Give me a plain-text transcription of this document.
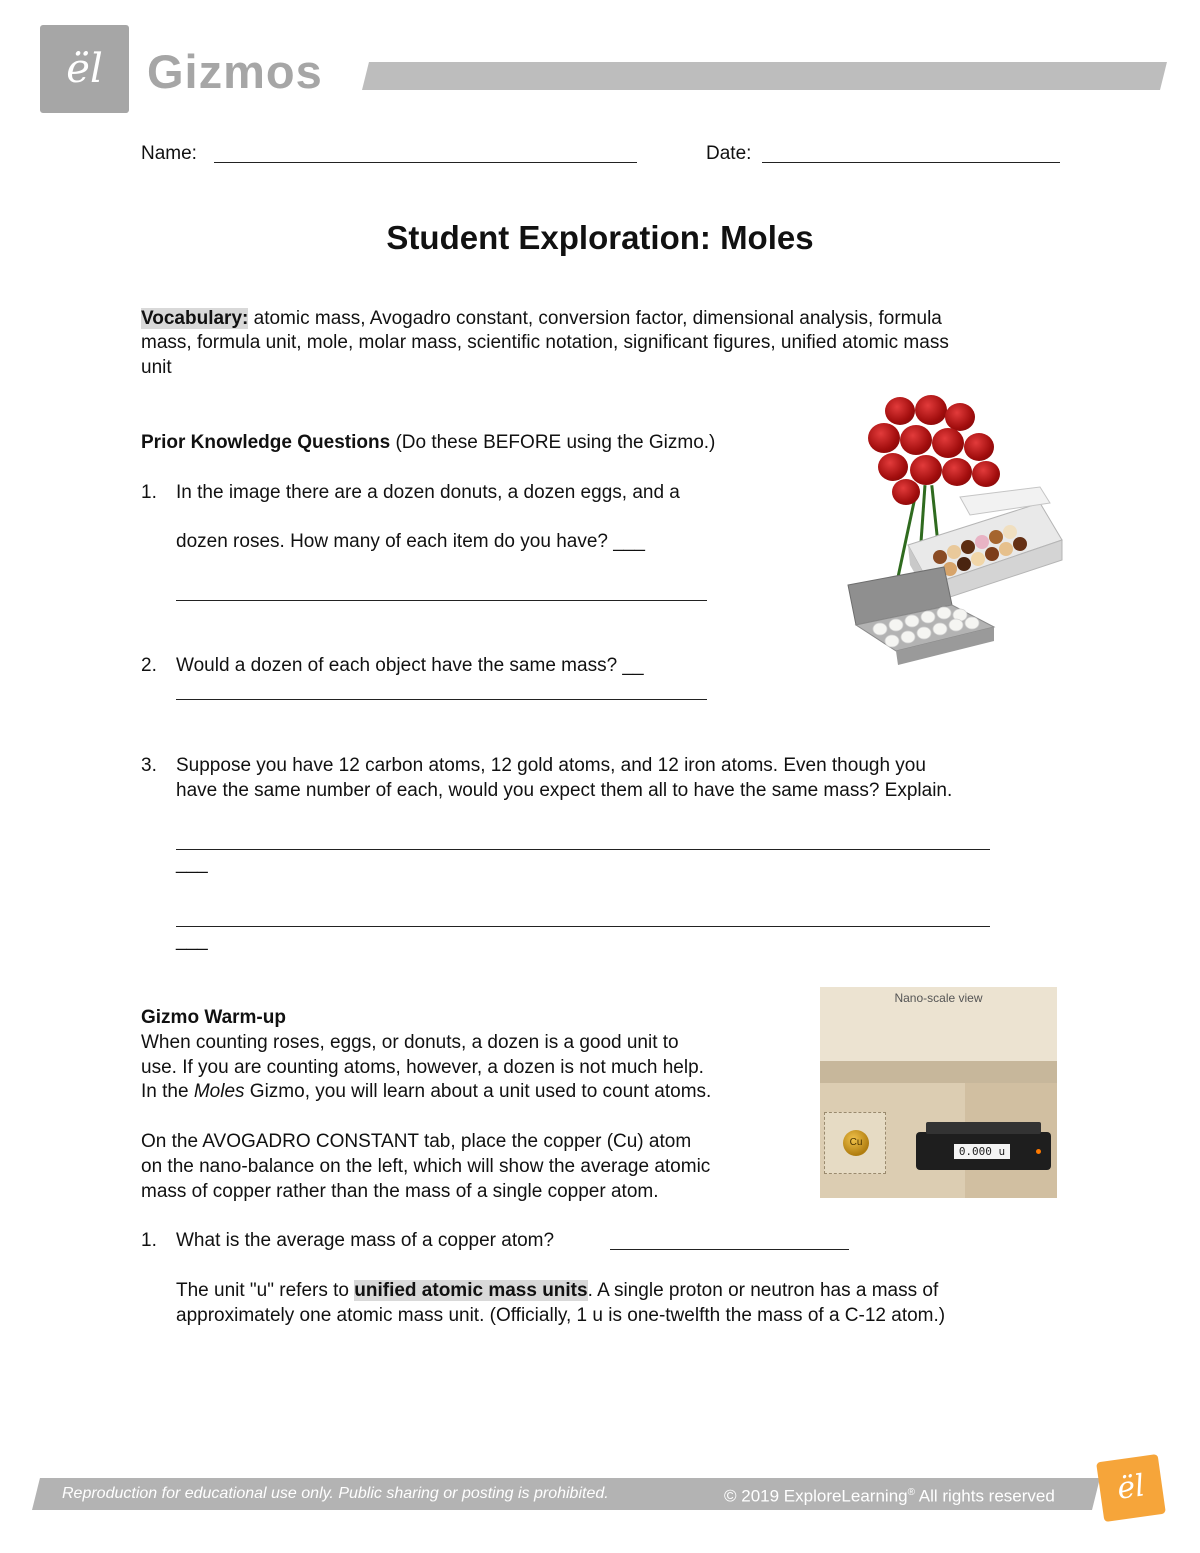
ël Gizmos
Name:	Date:
Student Exploration: Moles
Vocabulary: atomic mass, Avogadro constant, conversion factor, dimensional analysis, formula
mass, formula unit, mole, molar mass, scientific notation, significant figures, unified atomic mass
unit
Prior Knowledge Questions (Do these BEFORE using the Gizmo.)
1.	In the image there are a dozen donuts, a dozen eggs, and a
dozen roses. How many of each item do you have? ___
2.	Would a dozen of each object have the same mass? __
3.	Suppose you have 12 carbon atoms, 12 gold atoms, and 12 iron atoms. Even though you
have the same number of each, would you expect them all to have the same mass? Explain.
___
___
Gizmo Warm-up
When counting roses, eggs, or donuts, a dozen is a good unit to
use. If you are counting atoms, however, a dozen is not much help.
In the Moles Gizmo, you will learn about a unit used to count atoms.
On the AVOGADRO CONSTANT tab, place the copper (Cu) atom
on the nano-balance on the left, which will show the average atomic
mass of copper rather than the mass of a single copper atom.
Nano-scale view
Cu
0.000 u
1.	What is the average mass of a copper atom?
The unit "u" refers to unified atomic mass units. A single proton or neutron has a mass of
approximately one atomic mass unit. (Officially, 1 u is one-twelfth the mass of a C-12 atom.)
Reproduction for educational use only. Public sharing or posting is prohibited.	© 2019 ExploreLearning® All rights reserved	ël
